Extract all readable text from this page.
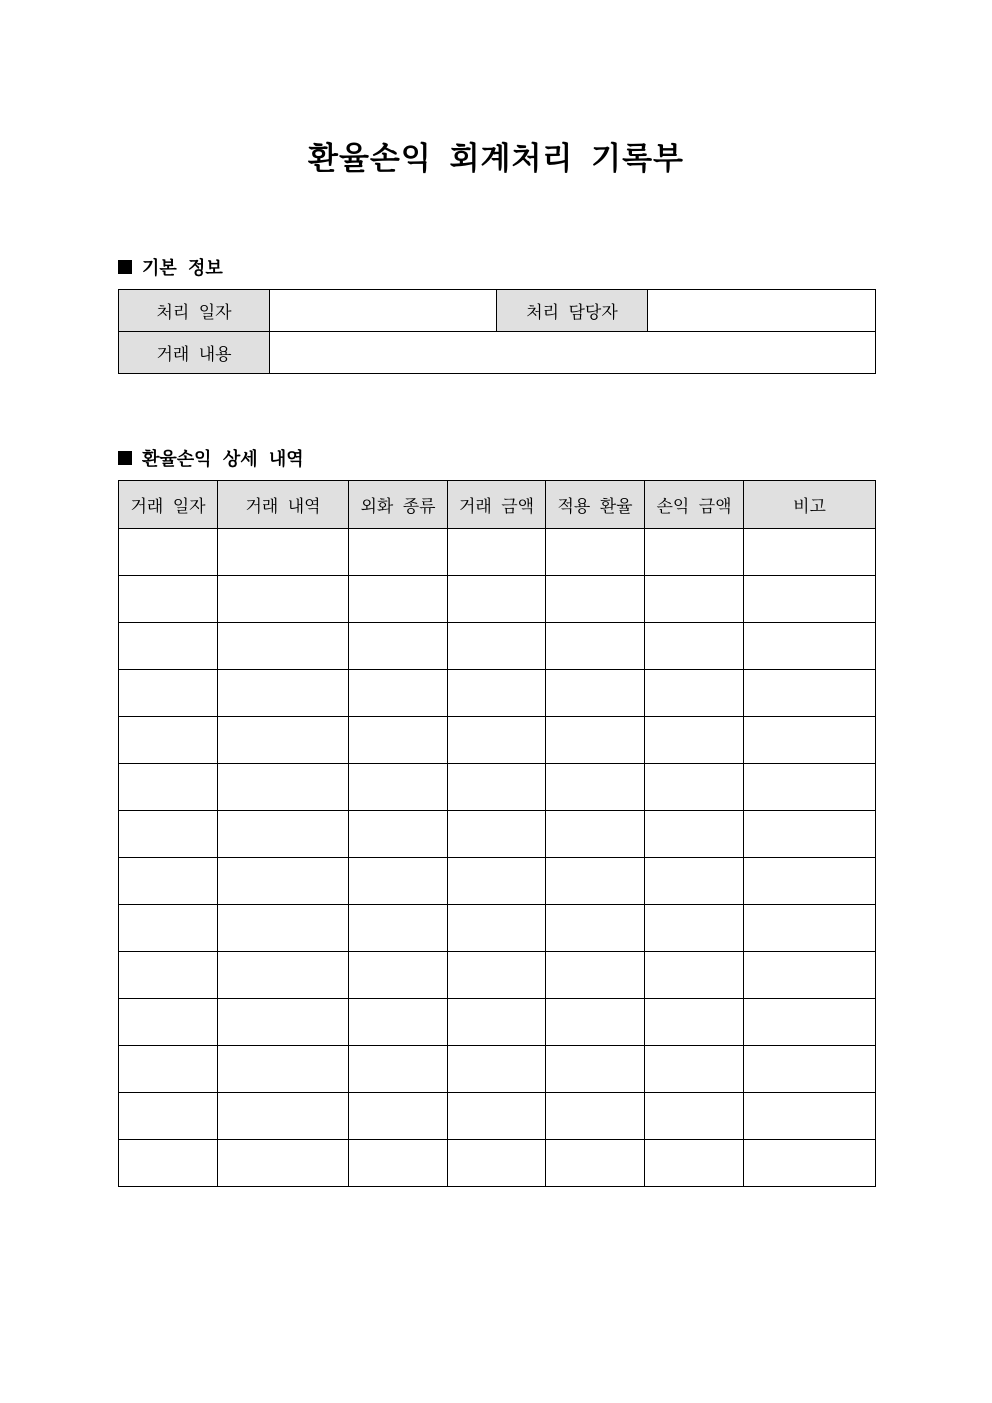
환율손익 회계처리 기록부
기본 정보
처리 일자		처리 담당자	
거래 내용			
환율손익 상세 내역
거래 일자	거래 내역	외화 종류	거래 금액	적용 환율	손익 금액	비고
